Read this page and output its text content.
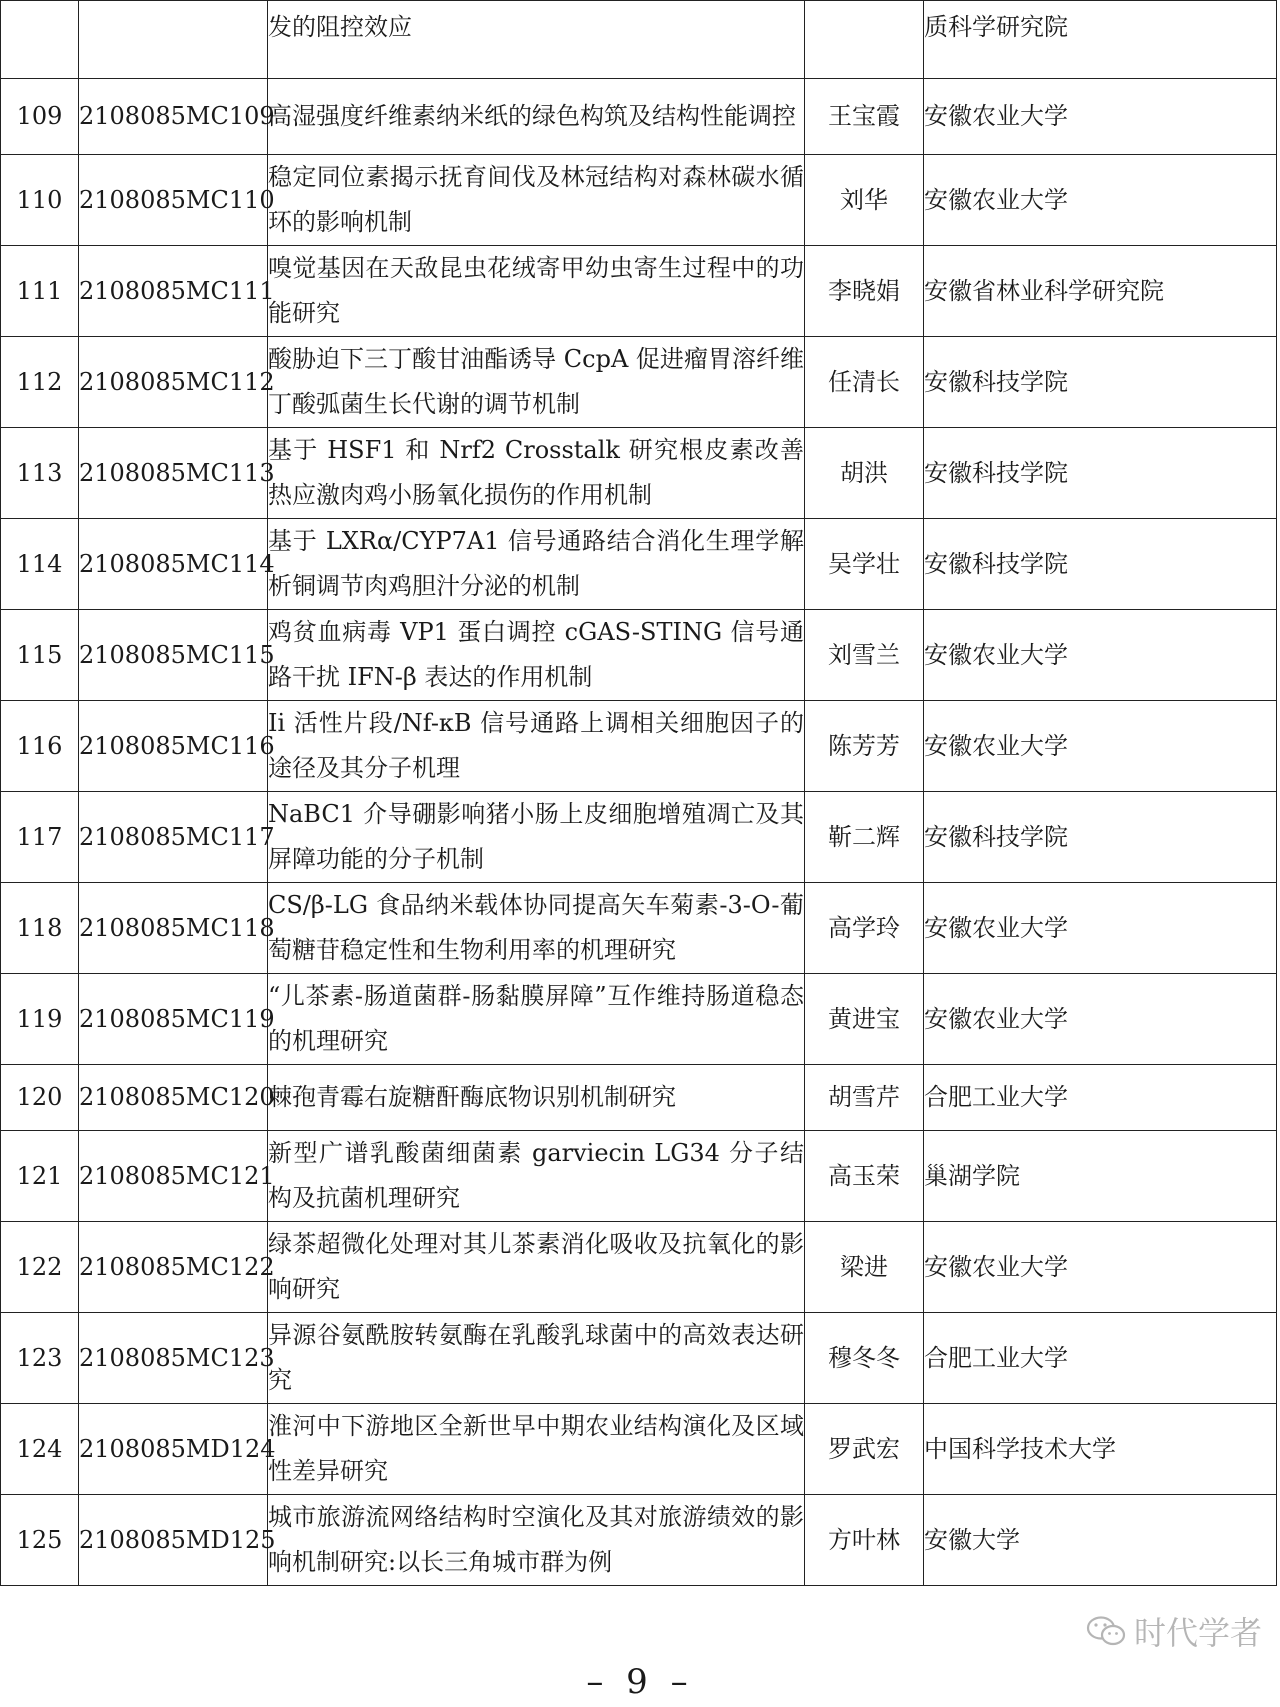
		发的阻控效应		质科学研究院
109	2108085MC109	高湿强度纤维素纳米纸的绿色构筑及结构性能调控	王宝霞	安徽农业大学
110	2108085MC110	稳定同位素揭示抚育间伐及林冠结构对森林碳水循环的影响机制	刘华	安徽农业大学
111	2108085MC111	嗅觉基因在天敌昆虫花绒寄甲幼虫寄生过程中的功能研究	李晓娟	安徽省林业科学研究院
112	2108085MC112	酸胁迫下三丁酸甘油酯诱导 CcpA 促进瘤胃溶纤维丁酸弧菌生长代谢的调节机制	任清长	安徽科技学院
113	2108085MC113	基于 HSF1 和 Nrf2 Crosstalk 研究根皮素改善热应激肉鸡小肠氧化损伤的作用机制	胡洪	安徽科技学院
114	2108085MC114	基于 LXRα/CYP7A1 信号通路结合消化生理学解析铜调节肉鸡胆汁分泌的机制	吴学壮	安徽科技学院
115	2108085MC115	鸡贫血病毒 VP1 蛋白调控 cGAS-STING 信号通路干扰 IFN-β 表达的作用机制	刘雪兰	安徽农业大学
116	2108085MC116	Ii 活性片段/Nf-κB 信号通路上调相关细胞因子的途径及其分子机理	陈芳芳	安徽农业大学
117	2108085MC117	NaBC1 介导硼影响猪小肠上皮细胞增殖凋亡及其屏障功能的分子机制	靳二辉	安徽科技学院
118	2108085MC118	CS/β-LG 食品纳米载体协同提高矢车菊素-3-O-葡萄糖苷稳定性和生物利用率的机理研究	高学玲	安徽农业大学
119	2108085MC119	“儿茶素-肠道菌群-肠黏膜屏障”互作维持肠道稳态的机理研究	黄进宝	安徽农业大学
120	2108085MC120	棘孢青霉右旋糖酐酶底物识别机制研究	胡雪芹	合肥工业大学
121	2108085MC121	新型广谱乳酸菌细菌素 garviecin LG34 分子结构及抗菌机理研究	高玉荣	巢湖学院
122	2108085MC122	绿茶超微化处理对其儿茶素消化吸收及抗氧化的影响研究	梁进	安徽农业大学
123	2108085MC123	异源谷氨酰胺转氨酶在乳酸乳球菌中的高效表达研究	穆冬冬	合肥工业大学
124	2108085MD124	淮河中下游地区全新世早中期农业结构演化及区域性差异研究	罗武宏	中国科学技术大学
125	2108085MD125	城市旅游流网络结构时空演化及其对旅游绩效的影响机制研究:以长三角城市群为例	方叶林	安徽大学
时代学者
– 9 –
